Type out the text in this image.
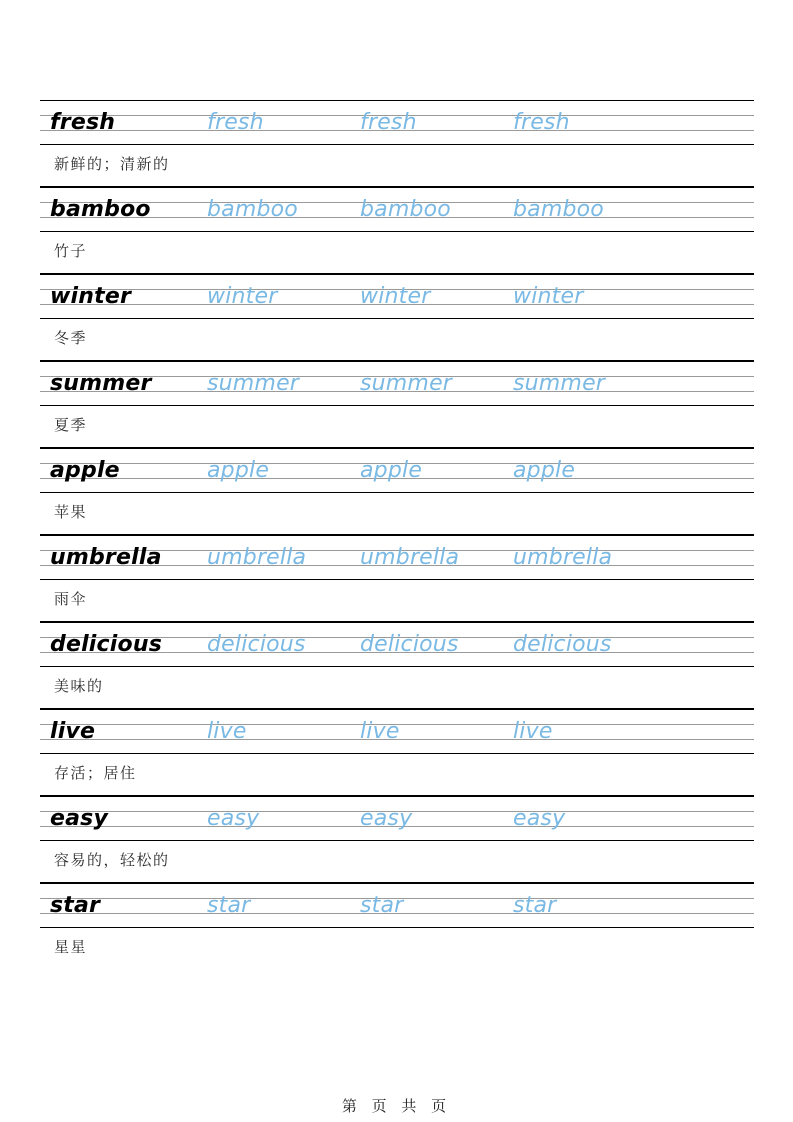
fresh	fresh	fresh	fresh
新鲜的；清新的
bamboo	bamboo	bamboo	bamboo
竹子
winter	winter	winter	winter
冬季
summer	summer	summer	summer
夏季
apple	apple	apple	apple
苹果
umbrella umbrella umbrella umbrella
雨伞
delicious delicious delicious delicious
美味的
live	live	live	live
存活；居住
easy	easy	easy	easy
容易的，轻松的
star	star	star	star
星星
第 页 共 页
